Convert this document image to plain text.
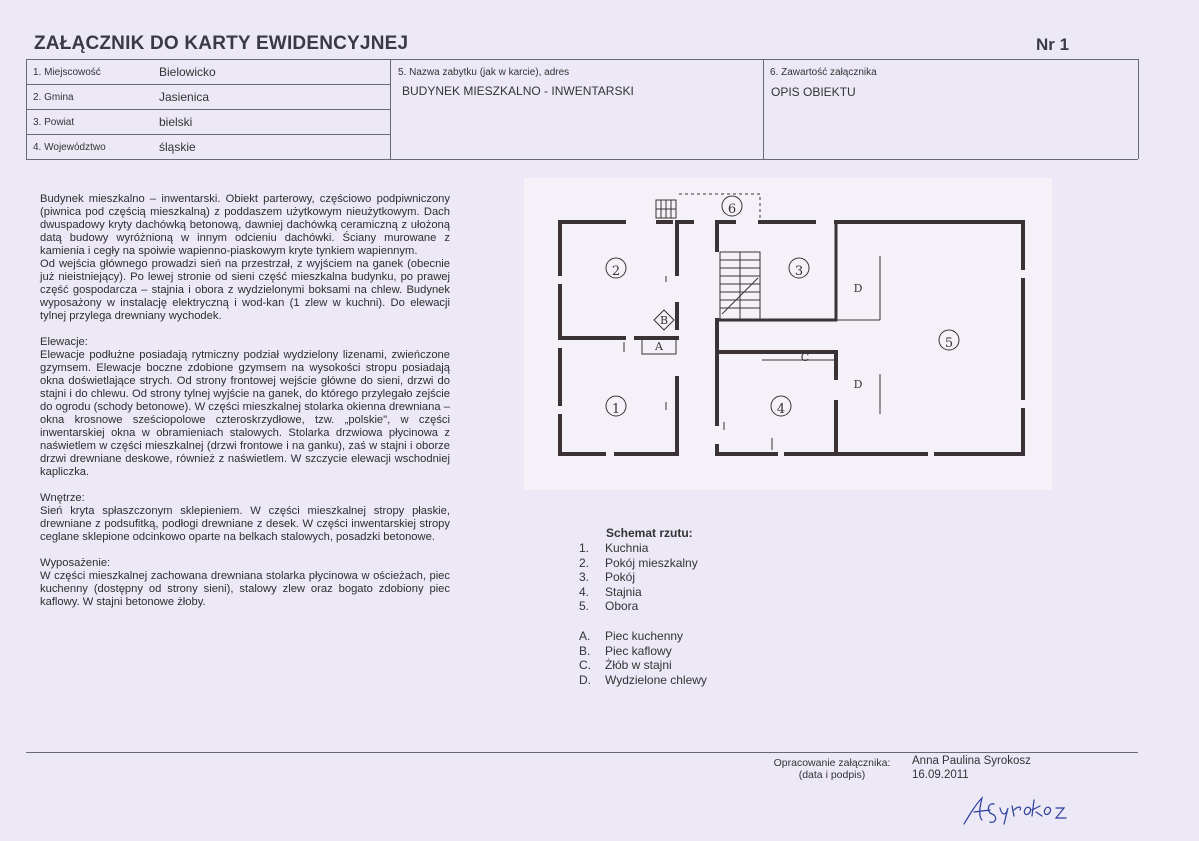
ZAŁĄCZNIK DO KARTY EWIDENCYJNEJ	Nr 1
1. Miejscowość	Bielowicko
2. Gmina	Jasienica
3. Powiat	bielski
4. Województwo	śląskie
5. Nazwa zabytku (jak w karcie), adres
BUDYNEK MIESZKALNO - INWENTARSKI
6. Zawartość załącznika
OPIS OBIEKTU

Budynek mieszkalno – inwentarski. Obiekt parterowy, częściowo podpiwniczony (piwnica pod częścią mieszkalną) z poddaszem użytkowym nieużytkowym. Dach dwuspadowy kryty dachówką betonową, dawniej dachówką ceramiczną z ułożoną datą budowy wyróżnioną w innym odcieniu dachówki. Ściany murowane z kamienia i cegły na spoiwie wapienno-piaskowym kryte tynkiem wapiennym.

Od wejścia głównego prowadzi sień na przestrzał, z wyjściem na ganek (obecnie już nieistniejący). Po lewej stronie od sieni część mieszkalna budynku, po prawej część gospodarcza – stajnia i obora z wydzielonymi boksami na chlew. Budynek wyposażony w instalację elektryczną i wod-kan (1 zlew w kuchni). Do elewacji tylnej przylega drewniany wychodek.

Elewacje:

Elewacje podłużne posiadają rytmiczny podział wydzielony lizenami, zwieńczone gzymsem. Elewacje boczne zdobione gzymsem na wysokości stropu posiadają okna doświetlające strych. Od strony frontowej wejście główne do sieni, drzwi do stajni i do chlewu. Od strony tylnej wyjście na ganek, do którego przylegało zejście do ogrodu (schody betonowe). W części mieszkalnej stolarka okienna drewniana – okna krosnowe sześciopolowe czteroskrzydłowe, tzw. „polskie", w części inwentarskiej okna w obramieniach stalowych. Stolarka drzwiowa płycinowa z naświetlem w części mieszkalnej (drzwi frontowe i na ganku), zaś w stajni i oborze drzwi drewniane deskowe, również z naświetlem. W szczycie elewacji wschodniej kapliczka.

Wnętrze:

Sień kryta spłaszczonym sklepieniem. W części mieszkalnej stropy płaskie, drewniane z podsufitką, podłogi drewniane z desek. W części inwentarskiej stropy ceglane sklepione odcinkowo oparte na belkach stalowych, posadzki betonowe.

Wyposażenie:

W części mieszkalnej zachowana drewniana stolarka płycinowa w ościeżach, piec kuchenny (dostępny od strony sieni), stalowy zlew oraz bogato zdobiony piec kaflowy. W stajni betonowe żłoby.

1
2	3
4
5
6
A
B
C
D
D
Schemat rzutu:
1.	Kuchnia
2.	Pokój mieszkalny
3.	Pokój
4.	Stajnia
5.	Obora
A.	Piec kuchenny
B.	Piec kaflowy
C.	Żłób w stajni
D.	Wydzielone chlewy
Opracowanie załącznika:
(data i podpis)
Anna Paulina Syrokosz
16.09.2011
